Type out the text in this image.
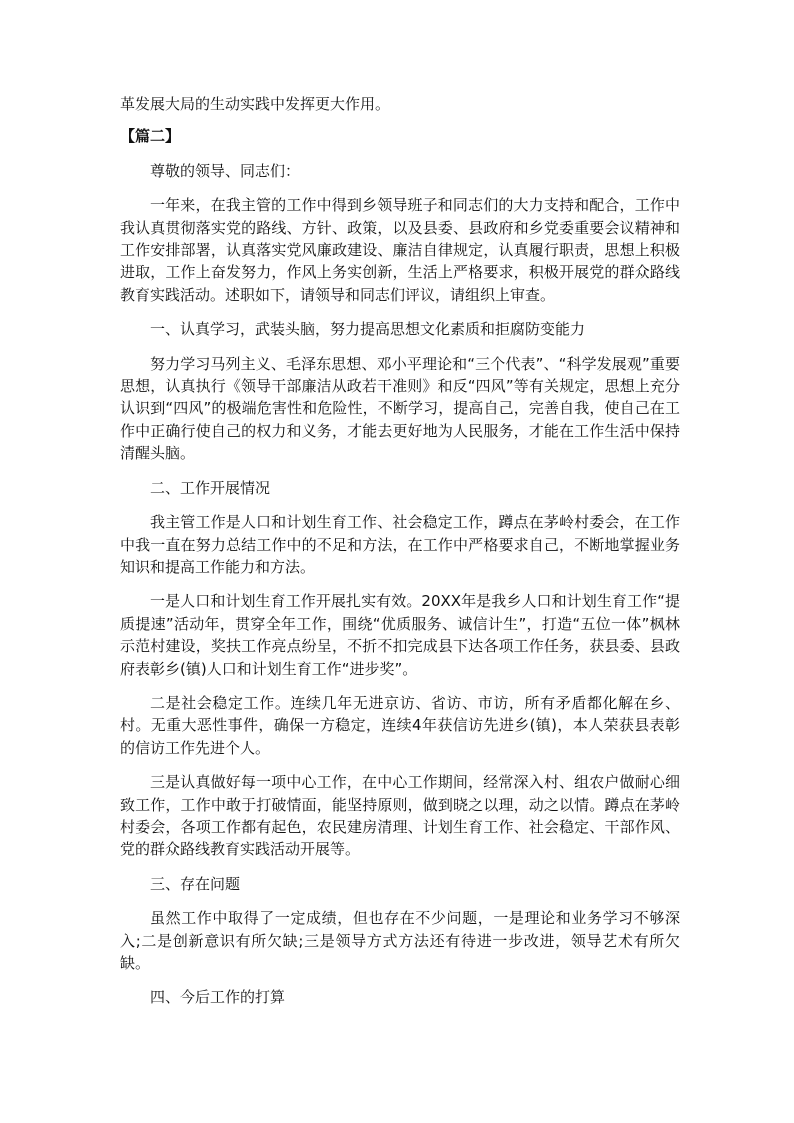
革发展大局的生动实践中发挥更大作用。

【篇二】

尊敬的领导、同志们：

一年来，在我主管的工作中得到乡领导班子和同志们的大力支持和配合，工作中我认真贯彻落实党的路线、方针、政策，以及县委、县政府和乡党委重要会议精神和工作安排部署，认真落实党风廉政建设、廉洁自律规定，认真履行职责，思想上积极进取，工作上奋发努力，作风上务实创新，生活上严格要求，积极开展党的群众路线教育实践活动。述职如下，请领导和同志们评议，请组织上审查。

一、认真学习，武装头脑，努力提高思想文化素质和拒腐防变能力

努力学习马列主义、毛泽东思想、邓小平理论和“三个代表”、“科学发展观”重要思想，认真执行《领导干部廉洁从政若干准则》和反“四风”等有关规定，思想上充分认识到“四风”的极端危害性和危险性，不断学习，提高自己，完善自我，使自己在工作中正确行使自己的权力和义务，才能去更好地为人民服务，才能在工作生活中保持清醒头脑。

二、工作开展情况

我主管工作是人口和计划生育工作、社会稳定工作，蹲点在茅岭村委会，在工作中我一直在努力总结工作中的不足和方法，在工作中严格要求自己，不断地掌握业务知识和提高工作能力和方法。

一是人口和计划生育工作开展扎实有效。20XX年是我乡人口和计划生育工作“提质提速”活动年，贯穿全年工作，围绕“优质服务、诚信计生”，打造“五位一体”枫林示范村建设，奖扶工作亮点纷呈，不折不扣完成县下达各项工作任务，获县委、县政府表彰乡(镇)人口和计划生育工作“进步奖”。

二是社会稳定工作。连续几年无进京访、省访、市访，所有矛盾都化解在乡、村。无重大恶性事件，确保一方稳定，连续4年获信访先进乡(镇)，本人荣获县表彰的信访工作先进个人。

三是认真做好每一项中心工作，在中心工作期间，经常深入村、组农户做耐心细致工作，工作中敢于打破情面，能坚持原则，做到晓之以理，动之以情。蹲点在茅岭村委会，各项工作都有起色，农民建房清理、计划生育工作、社会稳定、干部作风、党的群众路线教育实践活动开展等。

三、存在问题

虽然工作中取得了一定成绩，但也存在不少问题，一是理论和业务学习不够深入;二是创新意识有所欠缺;三是领导方式方法还有待进一步改进，领导艺术有所欠缺。

四、今后工作的打算
